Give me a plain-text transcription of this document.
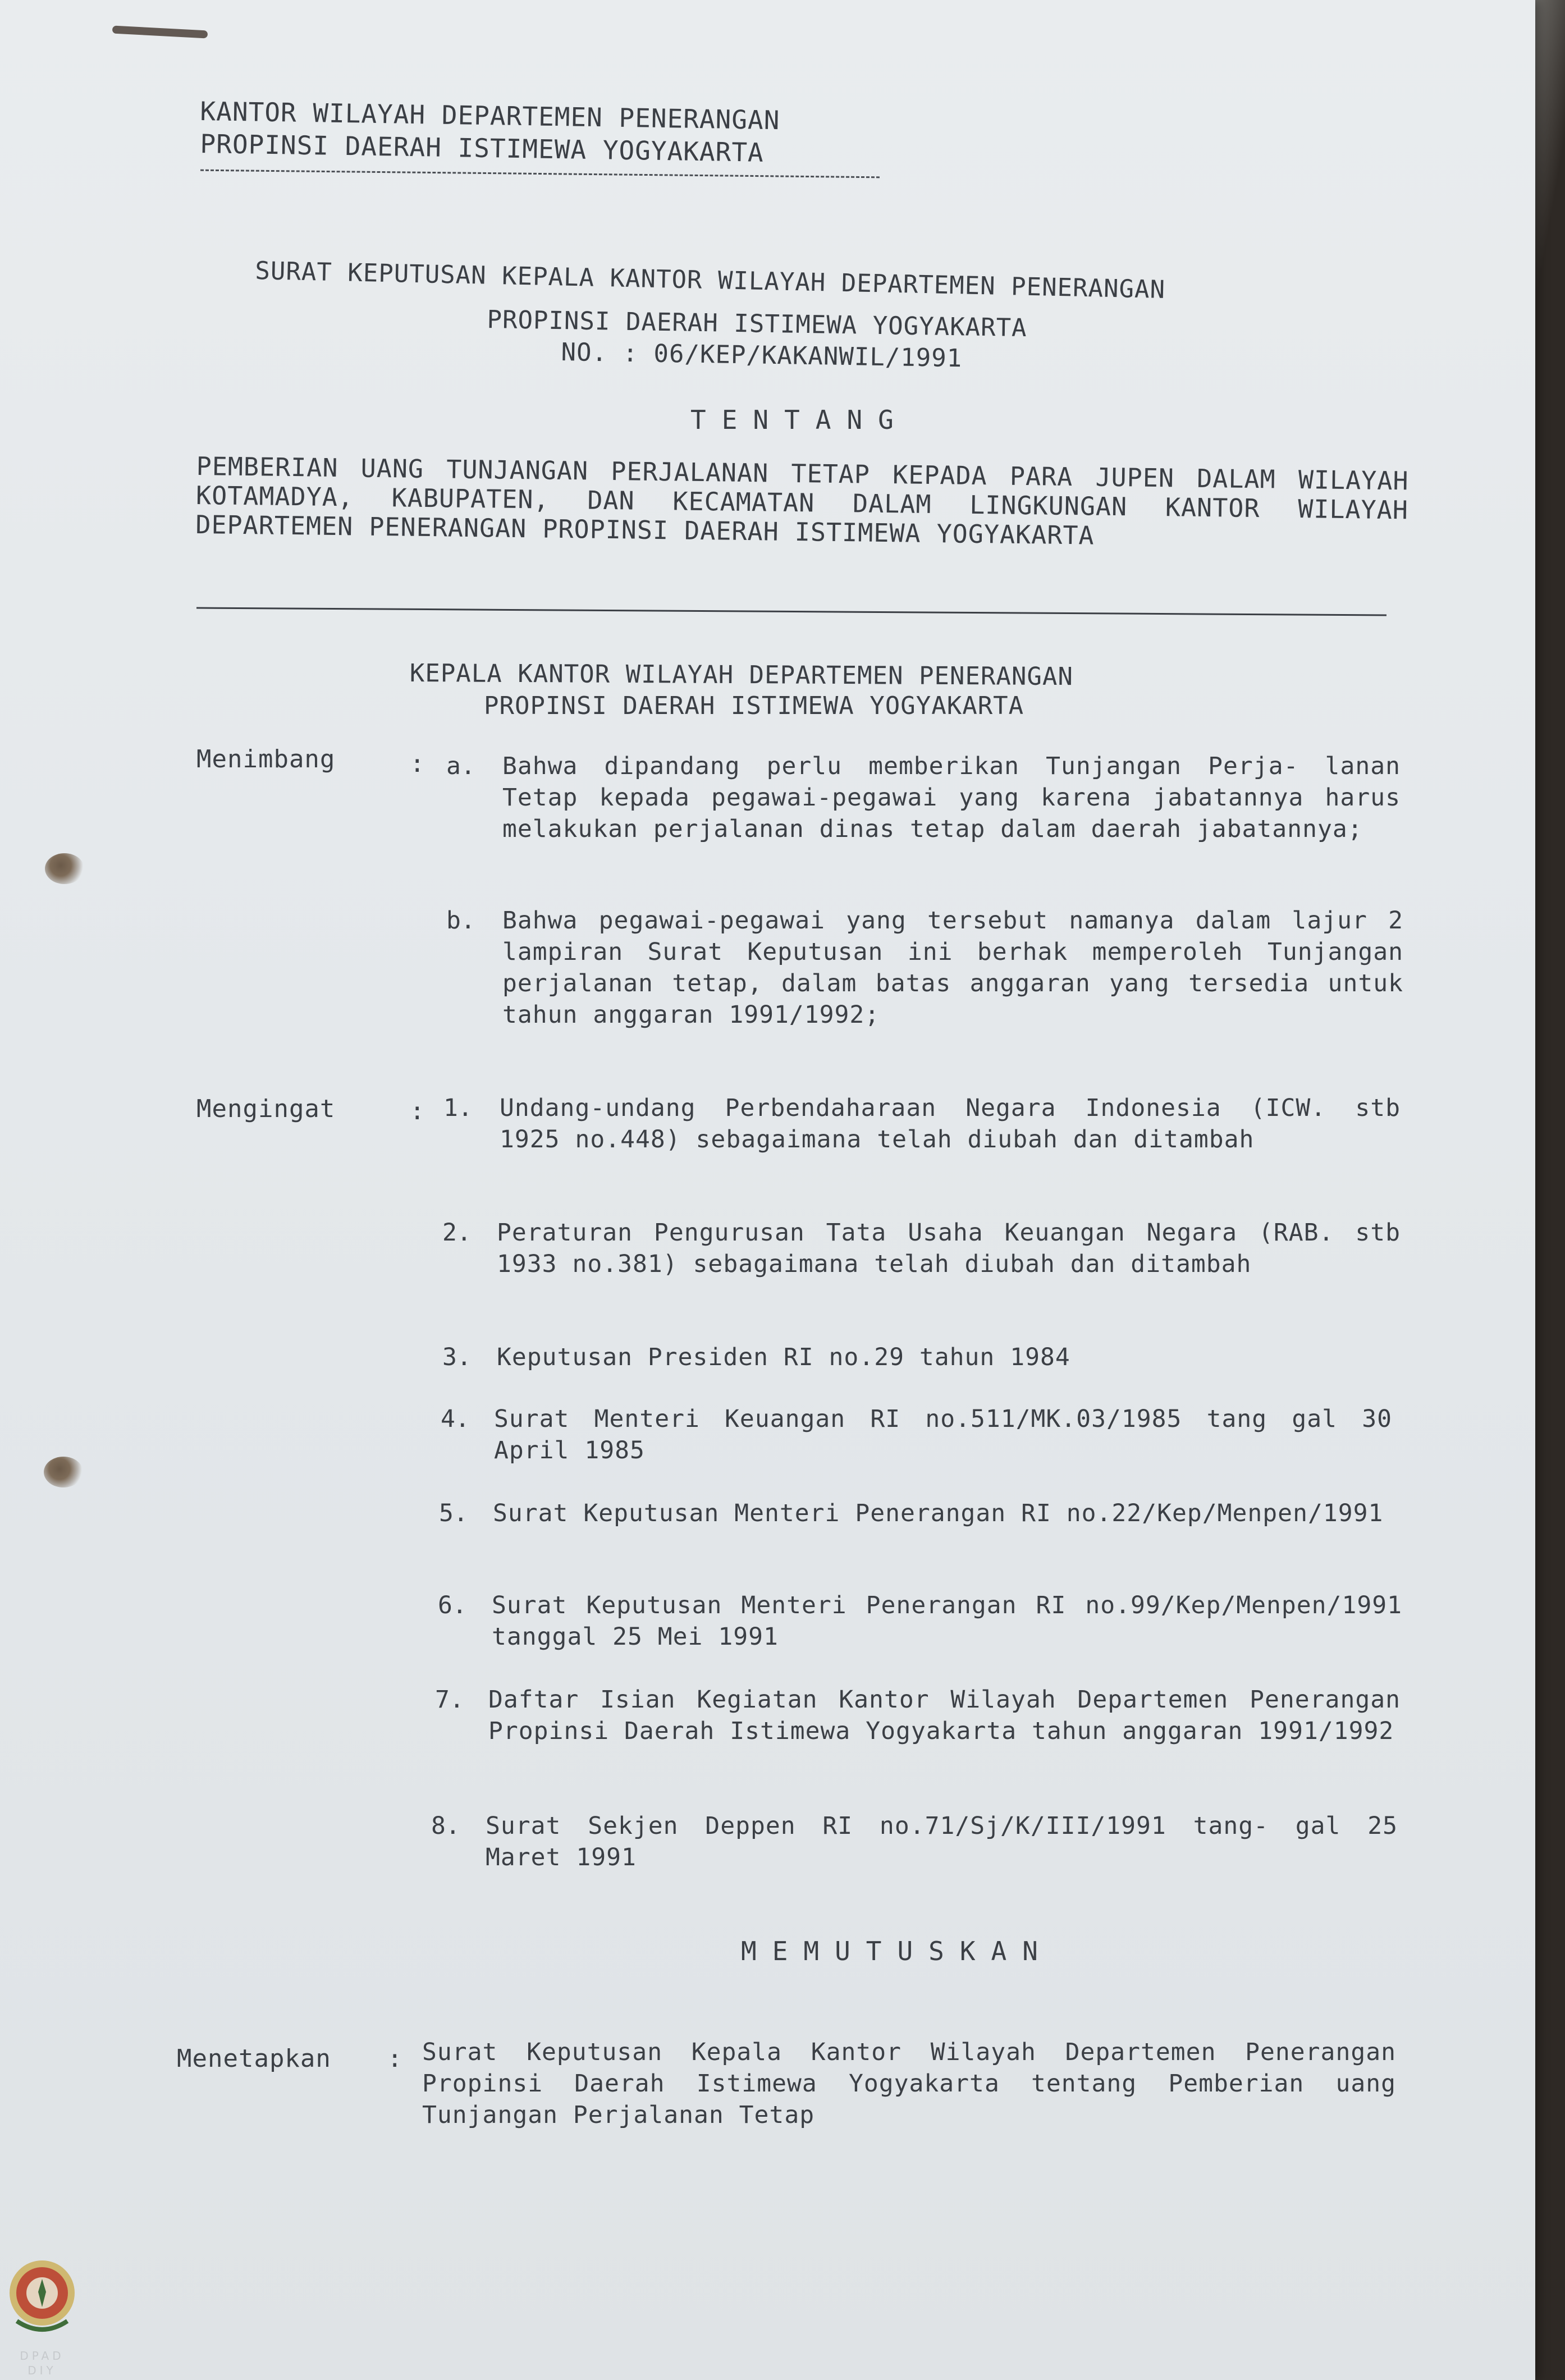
KANTOR WILAYAH DEPARTEMEN PENERANGAN

PROPINSI DAERAH ISTIMEWA YOGYAKARTA

SURAT KEPUTUSAN KEPALA KANTOR WILAYAH DEPARTEMEN PENERANGAN

PROPINSI DAERAH ISTIMEWA YOGYAKARTA

NO. : 06/KEP/KAKANWIL/1991

TENTANG

PEMBERIAN UANG TUNJANGAN PERJALANAN TETAP KEPADA PARA JUPEN DALAM WILAYAH KOTAMADYA, KABUPATEN, DAN KECAMATAN DALAM LINGKUNGAN KANTOR WILAYAH DEPARTEMEN PENERANGAN PROPINSI DAERAH ISTIMEWA YOGYAKARTA

KEPALA KANTOR WILAYAH DEPARTEMEN PENERANGAN

PROPINSI DAERAH ISTIMEWA YOGYAKARTA

Menimbang	: a. Bahwa dipandang perlu memberikan Tunjangan Perja- lanan Tetap kepada pegawai-pegawai yang karena jabatannya harus melakukan perjalanan dinas tetap dalam daerah jabatannya;

b. Bahwa pegawai-pegawai yang tersebut namanya dalam lajur 2 lampiran Surat Keputusan ini berhak memperoleh Tunjangan perjalanan tetap, dalam batas anggaran yang tersedia untuk tahun anggaran 1991/1992;

Mengingat	: 1. Undang-undang Perbendaharaan Negara Indonesia (ICW. stb 1925 no.448) sebagaimana telah diubah dan ditambah

2. Peraturan Pengurusan Tata Usaha Keuangan Negara (RAB. stb 1933 no.381) sebagaimana telah diubah dan ditambah

3. Keputusan Presiden RI no.29 tahun 1984

4. Surat Menteri Keuangan RI no.511/MK.03/1985 tang gal 30 April 1985

5. Surat Keputusan Menteri Penerangan RI no.22/Kep/Menpen/1991

6. Surat Keputusan Menteri Penerangan RI no.99/Kep/Menpen/1991 tanggal 25 Mei 1991

7. Daftar Isian Kegiatan Kantor Wilayah Departemen Penerangan Propinsi Daerah Istimewa Yogyakarta tahun anggaran 1991/1992

8. Surat Sekjen Deppen RI no.71/Sj/K/III/1991 tang- gal 25 Maret 1991

MEMUTUSKAN

Menetapkan : Surat Keputusan Kepala Kantor Wilayah Departemen Penerangan Propinsi Daerah Istimewa Yogyakarta tentang Pemberian uang Tunjangan Perjalanan Tetap

DPAD
DIY
